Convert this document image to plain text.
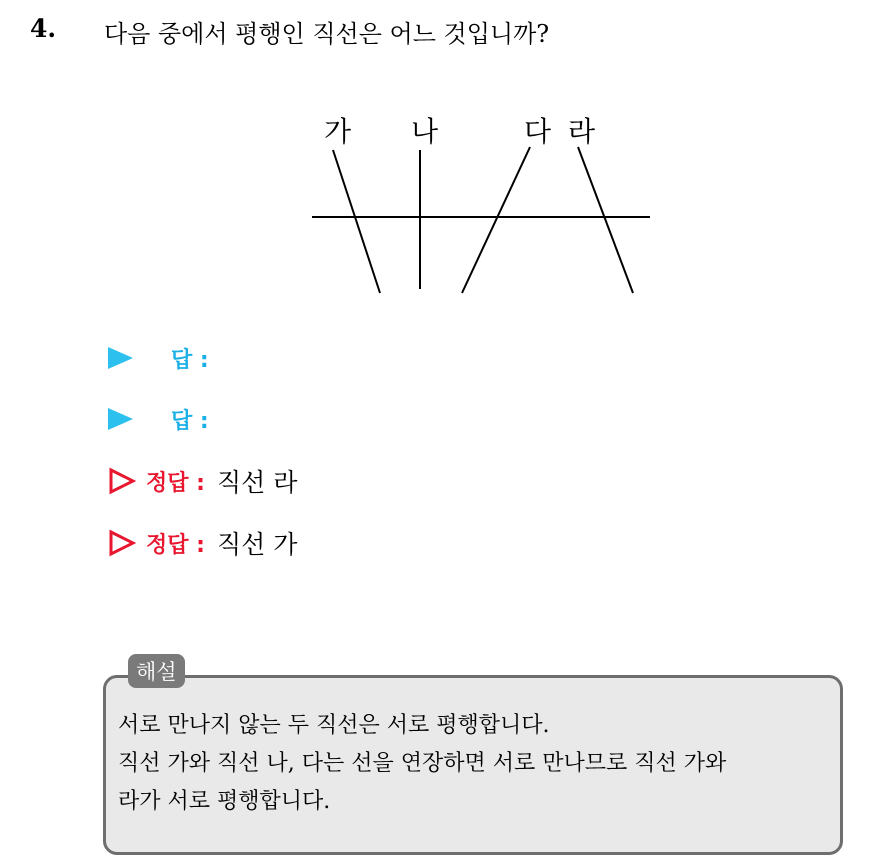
4. 다음 중에서 평행인 직선은 어느 것입니까?
가 나	다 라
답 :
답 :
정답 : 직선 라
정답 : 직선 가
해설
서로 만나지 않는 두 직선은 서로 평행합니다.
직선 가와 직선 나, 다는 선을 연장하면 서로 만나므로 직선 가와
라가 서로 평행합니다.
